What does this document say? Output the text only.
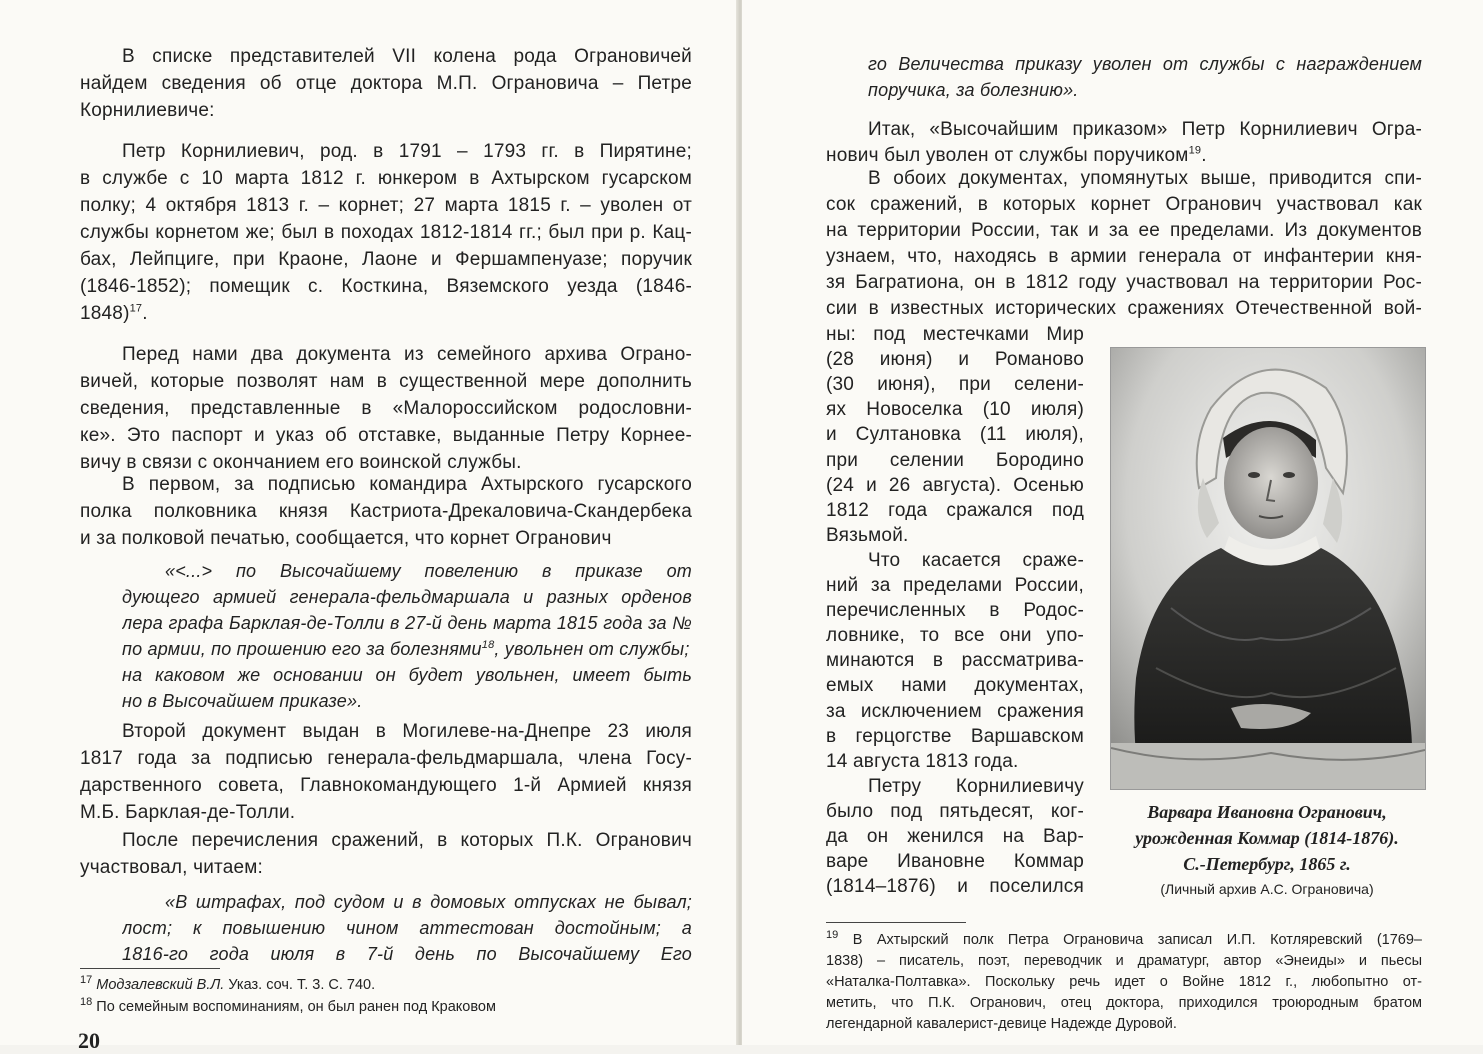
В списке представителей VII колена рода Ограновичей
найдем сведения об отце доктора М.П. Ограновича – Петре
Корнилиевиче:
Петр Корнилиевич, род. в 1791 – 1793 гг. в Пирятине;
в службе с 10 марта 1812 г. юнкером в Ахтырском гусарском
полку; 4 октября 1813 г. – корнет; 27 марта 1815 г. – уволен от
службы корнетом же; был в походах 1812-1814 гг.; был при р. Кац-
бах, Лейпциге, при Краоне, Лаоне и Фершампенуазе; поручик
(1846-1852); помещик с. Косткина, Вяземского уезда (1846-
1848)$^{17}$.
Перед нами два документа из семейного архива Ограно-
вичей, которые позволят нам в существенной мере дополнить
сведения, представленные в «Малороссийском родословни-
ке». Это паспорт и указ об отставке, выданные Петру Корнее-
вичу в связи с окончанием его воинской службы.
В первом, за подписью командира Ахтырского гусарского
полка полковника князя Кастриота-Дрекаловича-Скандербека
и за полковой печатью, сообщается, что корнет Огранович
«<...> по Высочайшему повелению в приказе от
дующего армией генерала-фельдмаршала и разных орденов
лера графа Барклая-де-Толли в 27-й день марта 1815 года за №
по армии, по прошению его за болезнями$^{18}$, увольнен от службы;
на каковом же основании он будет увольнен, имеет быть
но в Высочайшем приказе».
Второй документ выдан в Могилеве-на-Днепре 23 июля
1817 года за подписью генерала-фельдмаршала, члена Госу-
дарственного совета, Главнокомандующего 1-й Армией князя
М.Б. Барклая-де-Толли.
После перечисления сражений, в которых П.К. Огранович
участвовал, читаем:
«В штрафах, под судом и в домовых отпусках не бывал;
лост; к повышению чином аттестован достойным; а
1816-го года июля в 7-й день по Высочайшему Его
$^{17}$ Модзалевский В.Л. Указ. соч. Т. 3. С. 740.
$^{18}$ По семейным воспоминаниям, он был ранен под Краковом
20
го Величества приказу уволен от службы с награждением
поручика, за болезнию».
Итак, «Высочайшим приказом» Петр Корнилиевич Огра-
нович был уволен от службы поручиком$^{19}$.
В обоих документах, упомянутых выше, приводится спи-
сок сражений, в которых корнет Огранович участвовал как
на территории России, так и за ее пределами. Из документов
узнаем, что, находясь в армии генерала от инфантерии кня-
зя Багратиона, он в 1812 году участвовал на территории Рос-
сии в известных исторических сражениях Отечественной вой-
ны: под местечками Мир
(28 июня) и Романово
(30 июня), при селени-
ях Новоселка (10 июля)
и Султановка (11 июля),
при селении Бородино
(24 и 26 августа). Осенью
1812 года сражался под
Вязьмой.
Что касается сраже-
ний за пределами России,
перечисленных в Родос-
ловнике, то все они упо-
минаются в рассматрива-
емых нами документах,
за исключением сражения
в герцогстве Варшавском
14 августа 1813 года.
Петру Корнилиевичу
было под пятьдесят, ког-
да он женился на Вар-
варе Ивановне Коммар
(1814–1876) и поселился
Варвара Ивановна Огранович,
урожденная Коммар (1814-1876).
С.-Петербург, 1865 г.
(Личный архив А.С. Ограновича)
$^{19}$ В Ахтырский полк Петра Ограновича записал И.П. Котляревский (1769–
1838) – писатель, поэт, переводчик и драматург, автор «Энеиды» и пьесы
«Наталка-Полтавка». Поскольку речь идет о Войне 1812 г., любопытно от-
метить, что П.К. Огранович, отец доктора, приходился троюродным братом
легендарной кавалерист-девице Надежде Дуровой.
